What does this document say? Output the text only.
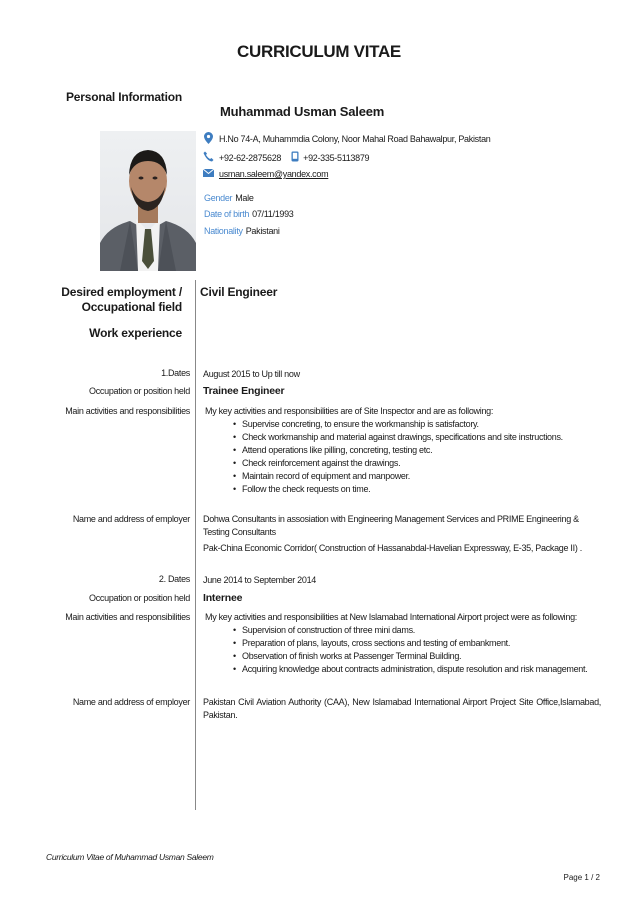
CURRICULUM VITAE
Personal Information
Muhammad Usman Saleem
H.No 74-A, Muhammdia Colony, Noor Mahal Road Bahawalpur, Pakistan
+92-62-2875628 +92-335-5113879
usman.saleem@yandex.com
Gender Male
Date of birth 07/11/1993
Nationality Pakistani
Desired employment /
Occupational field
Civil Engineer
Work experience
1.Dates August 2015 to Up till now
Occupation or position held Trainee Engineer
Main activities and responsibilities My key activities and responsibilities are of Site Inspector and are as following:
• Supervise concreting, to ensure the workmanship is satisfactory.
• Check workmanship and material against drawings, specifications and site instructions.
• Attend operations like pilling, concreting, testing etc.
• Check reinforcement against the drawings.
• Maintain record of equipment and manpower.
• Follow the check requests on time.
Name and address of employer Dohwa Consultants in assosiation with Engineering Management Services and PRIME Engineering & Testing Consultants
Pak-China Economic Corridor( Construction of Hassanabdal-Havelian Expressway, E-35, Package II) .
2. Dates June 2014 to September 2014
Occupation or position held Internee
Main activities and responsibilities My key activities and responsibilities at New Islamabad International Airport project were as following:
• Supervision of construction of three mini dams.
• Preparation of plans, layouts, cross sections and testing of embankment.
• Observation of finish works at Passenger Terminal Building.
• Acquiring knowledge about contracts administration, dispute resolution and risk management.
Name and address of employer Pakistan Civil Aviation Authority (CAA), New Islamabad International Airport Project Site Office,Islamabad, Pakistan.
Curriculum Vitae of Muhammad Usman Saleem
Page 1 / 2
